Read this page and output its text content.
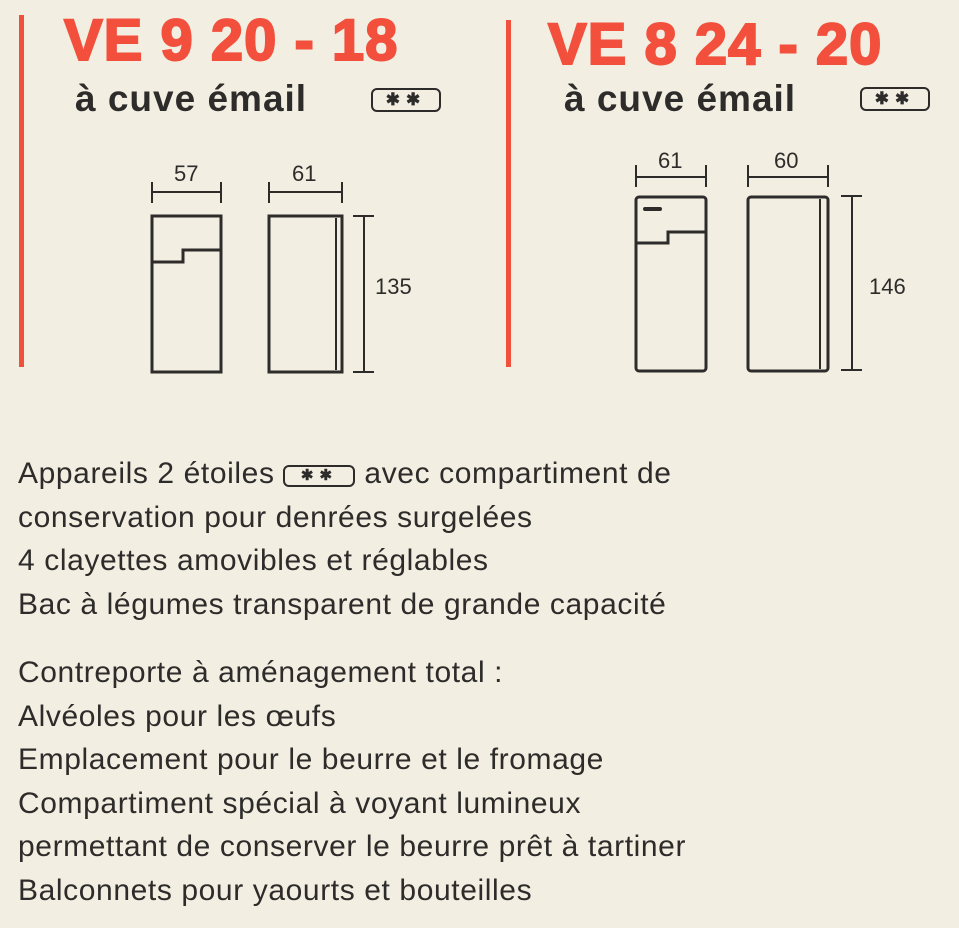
VE 9 20 - 18
à cuve émail	✱✱
57	61
135
VE 8 24 - 20
à cuve émail	✱✱
61	60
146
Appareils 2 étoiles ✱✱ avec compartiment de
conservation pour denrées surgelées
4 clayettes amovibles et réglables
Bac à légumes transparent de grande capacité
Contreporte à aménagement total :
Alvéoles pour les œufs
Emplacement pour le beurre et le fromage
Compartiment spécial à voyant lumineux
permettant de conserver le beurre prêt à tartiner
Balconnets pour yaourts et bouteilles
